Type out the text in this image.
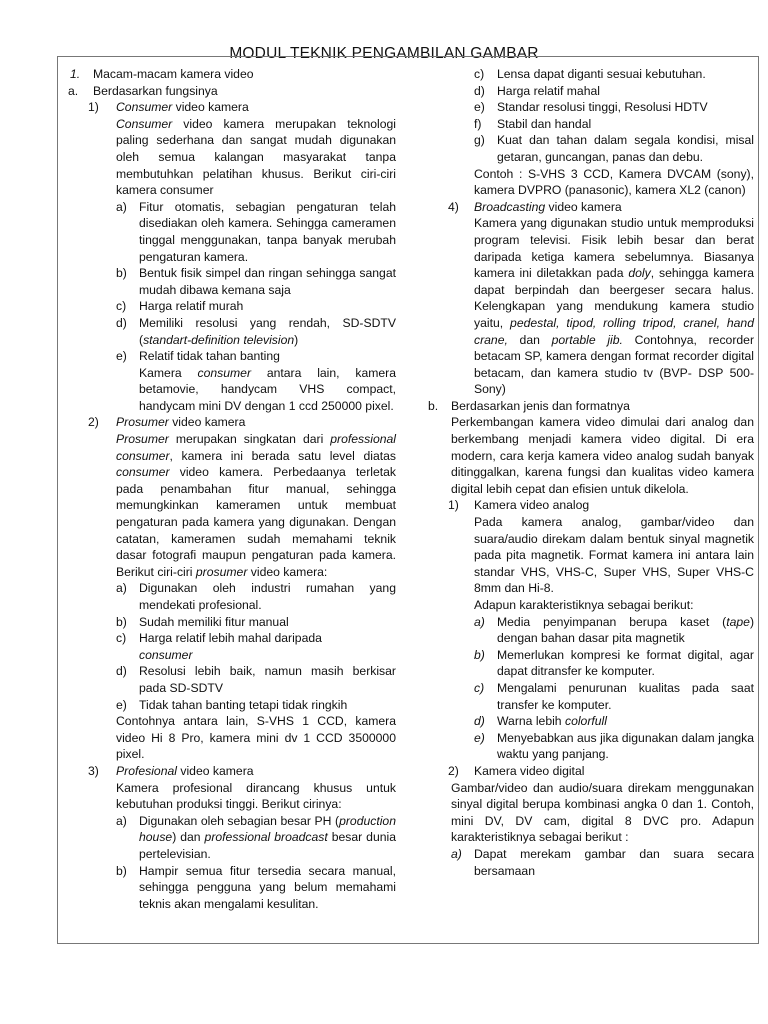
MODUL TEKNIK PENGAMBILAN GAMBAR
1.	Macam-macam kamera video
a.	Berdasarkan fungsinya
1)	Consumer video kamera
Consumer video kamera merupakan teknologi paling sederhana dan sangat mudah digunakan oleh semua kalangan masyarakat tanpa membutuhkan pelatihan khusus. Berikut ciri-ciri kamera consumer
a) Fitur otomatis, sebagian pengaturan telah disediakan oleh kamera. Sehingga cameramen tinggal menggunakan, tanpa banyak merubah pengaturan kamera.
b) Bentuk fisik simpel dan ringan sehingga sangat mudah dibawa kemana saja
c)	Harga relatif murah
d) Memiliki resolusi yang rendah, SD-SDTV (standart-definition television)
e) Relatif tidak tahan banting
Kamera consumer antara lain, kamera betamovie, handycam VHS compact, handycam mini DV dengan 1 ccd 250000 pixel.
2)	Prosumer video kamera
Prosumer merupakan singkatan dari professional consumer, kamera ini berada satu level diatas consumer video kamera. Perbedaanya terletak pada penambahan fitur manual, sehingga memungkinkan kameramen untuk membuat pengaturan pada kamera yang digunakan. Dengan catatan, kameramen sudah memahami teknik dasar fotografi maupun pengaturan pada kamera. Berikut ciri-ciri prosumer video kamera:
a) Digunakan oleh industri rumahan yang mendekati profesional.
b) Sudah memiliki fitur manual
c)	Harga relatif lebih mahal daripada
consumer
d) Resolusi lebih baik, namun masih berkisar pada SD-SDTV
e) Tidak tahan banting tetapi tidak ringkih
Contohnya antara lain, S-VHS 1 CCD, kamera video Hi 8 Pro, kamera mini dv 1 CCD 3500000 pixel.
3)	Profesional video kamera
Kamera profesional dirancang khusus untuk kebutuhan produksi tinggi. Berikut cirinya:
a) Digunakan oleh sebagian besar PH (production house) dan professional broadcast besar dunia pertelevisian.
b) Hampir semua fitur tersedia secara manual, sehingga pengguna yang belum memahami teknis akan mengalami kesulitan.
c)	Lensa dapat diganti sesuai kebutuhan.
d) Harga relatif mahal
e) Standar resolusi tinggi, Resolusi HDTV
f)	Stabil dan handal
g) Kuat dan tahan dalam segala kondisi, misal getaran, guncangan, panas dan debu.
Contoh : S-VHS 3 CCD, Kamera DVCAM (sony), kamera DVPRO (panasonic), kamera XL2 (canon)
4)	Broadcasting video kamera
Kamera yang digunakan studio untuk memproduksi program televisi. Fisik lebih besar dan berat daripada ketiga kamera sebelumnya. Biasanya kamera ini diletakkan pada doly, sehingga kamera dapat berpindah dan beergeser secara halus. Kelengkapan yang mendukung kamera studio yaitu, pedestal, tipod, rolling tripod, cranel, hand crane, dan portable jib. Contohnya, recorder betacam SP, kamera dengan format recorder digital betacam, dan kamera studio tv (BVP- DSP 500-Sony)
b.	Berdasarkan jenis dan formatnya
Perkembangan kamera video dimulai dari analog dan berkembang menjadi kamera video digital. Di era modern, cara kerja kamera video analog sudah banyak ditinggalkan, karena fungsi dan kualitas video kamera digital lebih cepat dan efisien untuk dikelola.
1)	Kamera video analog
Pada kamera analog, gambar/video dan suara/audio direkam dalam bentuk sinyal magnetik pada pita magnetik. Format kamera ini antara lain standar VHS, VHS-C, Super VHS, Super VHS-C 8mm dan Hi-8.
Adapun karakteristiknya sebagai berikut:
a) Media penyimpanan berupa kaset (tape) dengan bahan dasar pita magnetik
b) Memerlukan kompresi ke format digital, agar dapat ditransfer ke komputer.
c)	Mengalami penurunan kualitas pada saat transfer ke komputer.
d) Warna lebih colorfull
e) Menyebabkan aus jika digunakan dalam jangka waktu yang panjang.
2)	Kamera video digital
Gambar/video dan audio/suara direkam menggunakan sinyal digital berupa kombinasi angka 0 dan 1. Contoh, mini DV, DV cam, digital 8 DVC pro. Adapun karakteristiknya sebagai berikut :
a) Dapat merekam gambar dan suara secara bersamaan
